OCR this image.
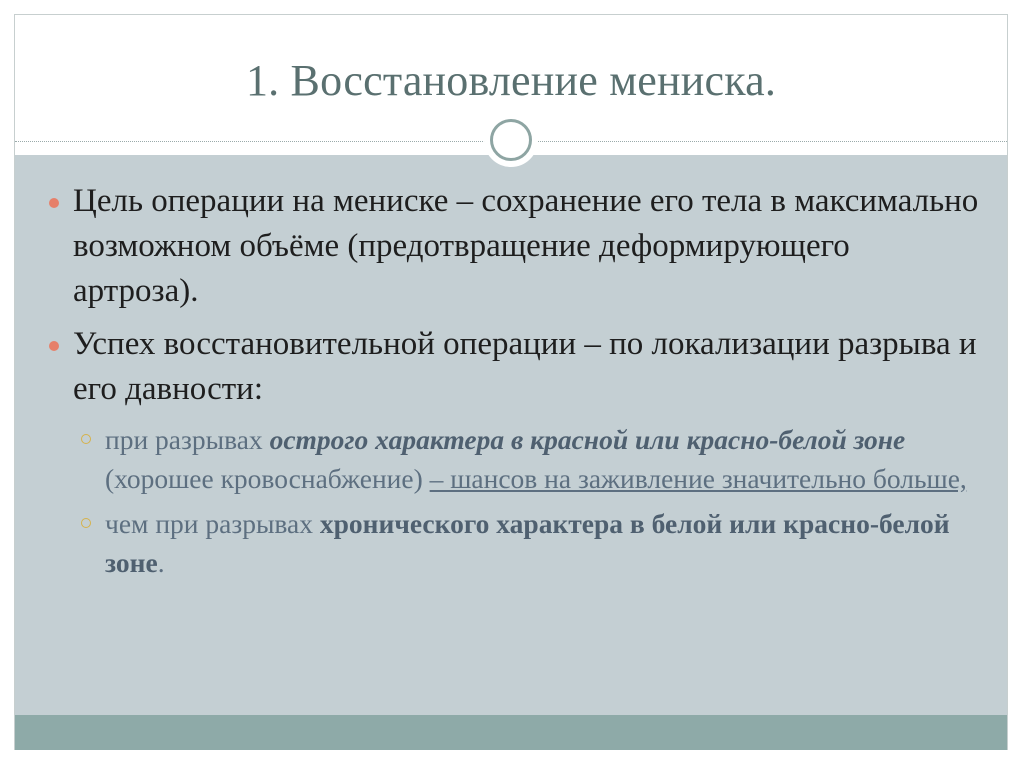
1. Восстановление мениска.
Цель операции на мениске – сохранение его тела в максимально возможном объёме (предотвращение деформирующего артроза).
Успех восстановительной операции – по локализации разрыва и его давности:
при разрывах острого характера в красной или красно-белой зоне (хорошее кровоснабжение) – шансов на заживление значительно больше,
чем при разрывах хронического характера в белой или красно-белой зоне.
